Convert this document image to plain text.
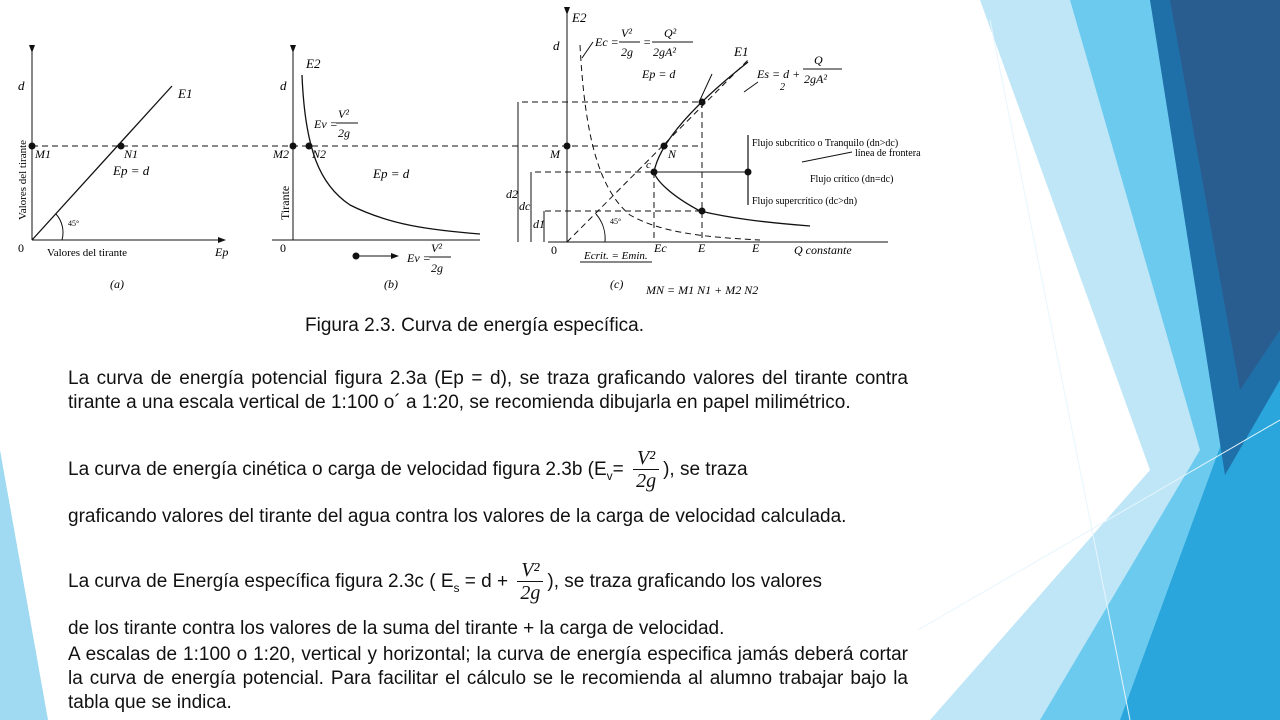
d
E1
M1	N1
Ep = d
45°
0 Valores del tirante	Ep
Valores del tirante
(a)
d
E2
M2 N2
Ev =
V²
2g
Ep = d
Tirante
0
Ev =
V²
2g
(b)
d
E2
E1
Ec =
V²
2g
=
Q²
2gA²
Ep = d	Es = d +
Q
2gA²
2
M	N
c
d2
dc
d1	45°
Flujo subcrítico o Tranquilo (dn>dc)
línea de frontera
Flujo crítico (dn=dc)
Flujo supercrítico (dc>dn)
0	Ec	E	E	Q constante
Ecrit. = Emin.
(c) MN = M1 N1 + M2 N2
Figura 2.3. Curva de energía específica.
La curva de energía potencial figura 2.3a (Ep = d), se traza graficando valores del tirante contra tirante a una escala vertical de 1:100 o´ a 1:20, se recomienda dibujarla en papel milimétrico.
La curva de energía cinética o carga de velocidad figura 2.3b ($E_v= \frac{\text{V²}}{2g}$ ), se traza
graficando valores del tirante del agua contra los valores de la carga de velocidad calculada.
La curva de Energía específica figura 2.3c ( $E_s = d + \frac{\text{V²}}{2g}$ ), se traza graficando los valores
de los tirante contra los valores de la suma del tirante + la carga de velocidad.
A escalas de 1:100 o 1:20, vertical y horizontal; la curva de energía especifica jamás deberá cortar la curva de energía potencial. Para facilitar el cálculo se le recomienda al alumno trabajar bajo la tabla que se indica.
